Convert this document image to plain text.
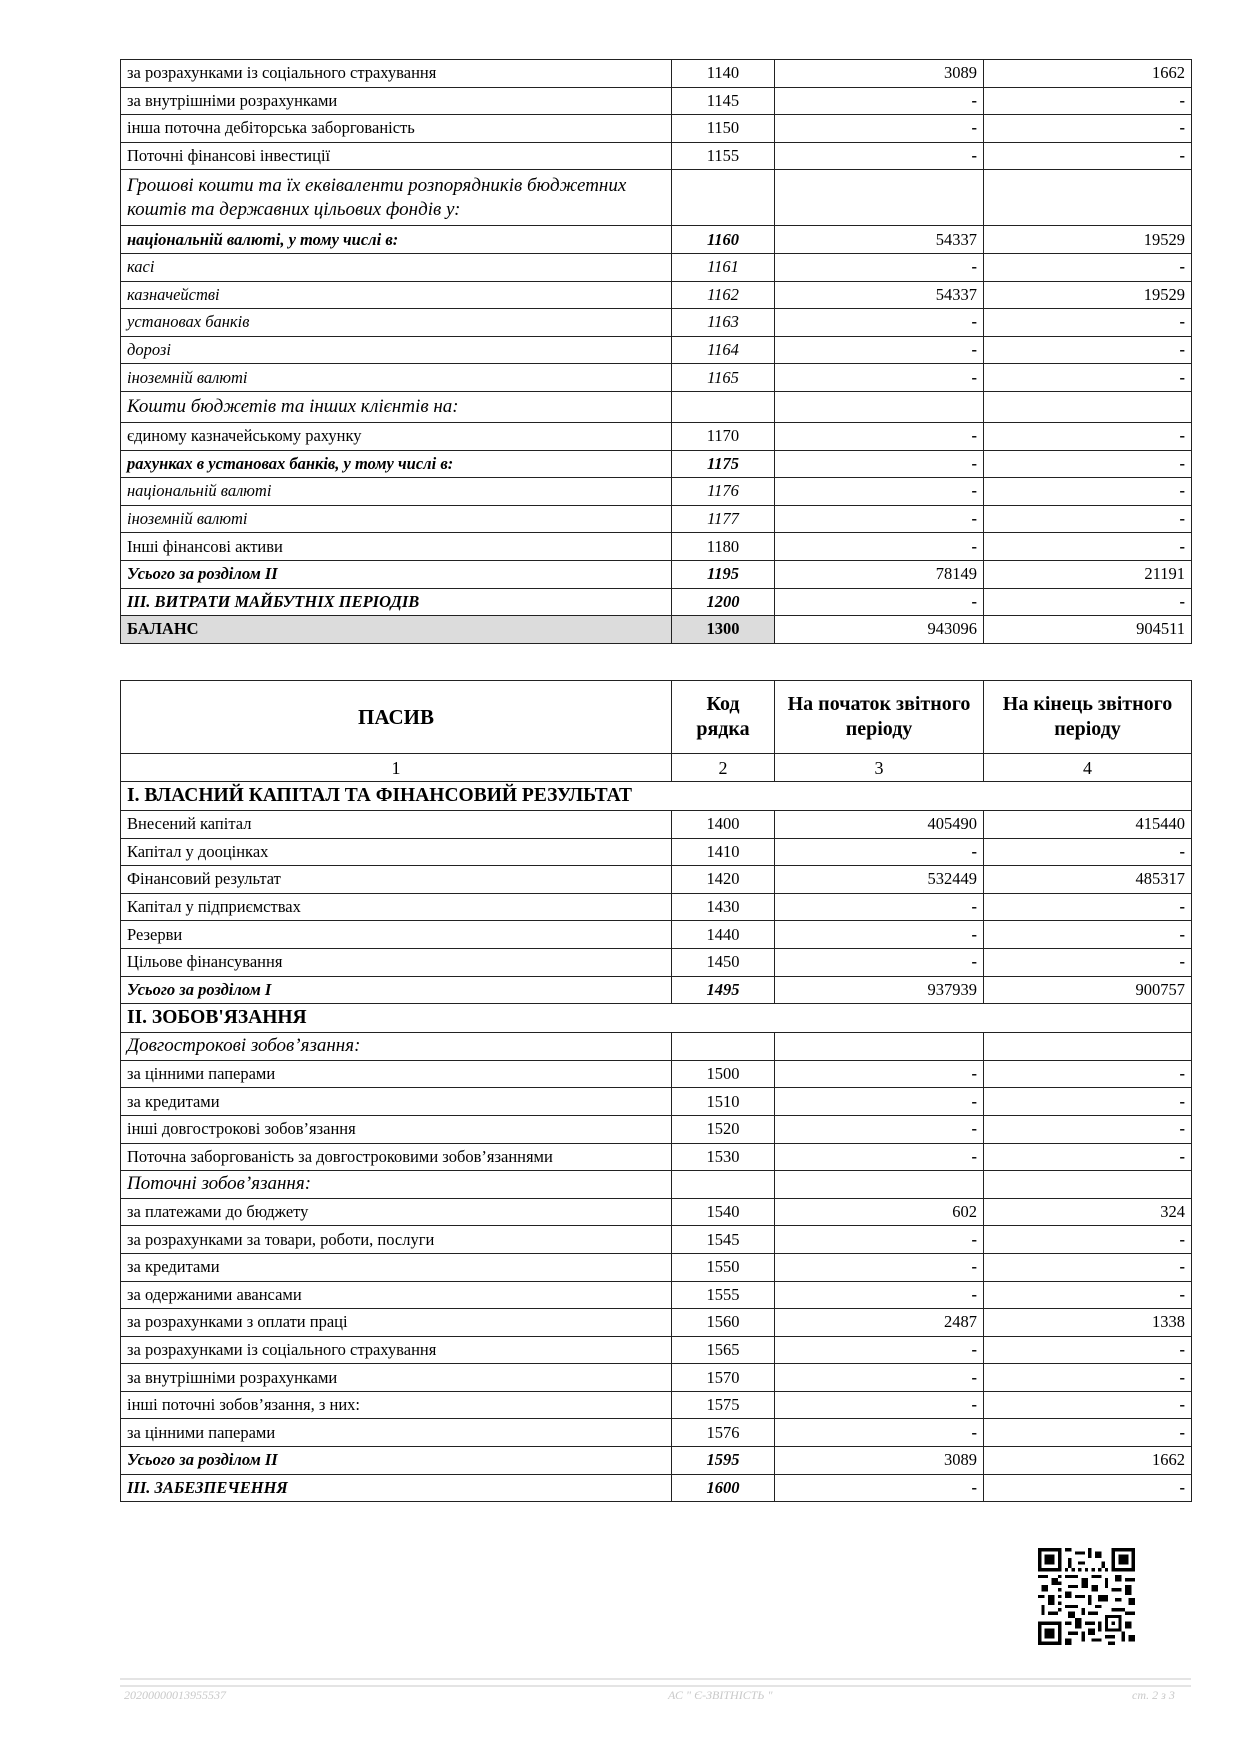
за розрахунками із соціального страхування	1140	3089	1662
за внутрішніми розрахунками	1145	-	-
інша поточна дебіторська заборгованість	1150	-	-
Поточні фінансові інвестиції	1155	-	-
Грошові кошти та їх еквіваленти розпорядників бюджетних коштів та державних цільових фондів у:			
національній валюті, у тому числі в:	1160	54337	19529
касі	1161	-	-
казначействі	1162	54337	19529
установах банків	1163	-	-
дорозі	1164	-	-
іноземній валюті	1165	-	-
Кошти бюджетів та інших клієнтів на:			
єдиному казначейському рахунку	1170	-	-
рахунках в установах банків, у тому числі в:	1175	-	-
національній валюті	1176	-	-
іноземній валюті	1177	-	-
Інші фінансові активи	1180	-	-
Усього за розділом II	1195	78149	21191
III. ВИТРАТИ МАЙБУТНІХ ПЕРІОДІВ	1200	-	-
БАЛАНС	1300	943096	904511
ПАСИВ	Код рядка	На початок звітного періоду	На кінець звітного періоду
1	2	3	4
I. ВЛАСНИЙ КАПІТАЛ ТА ФІНАНСОВИЙ РЕЗУЛЬТАТ			
Внесений капітал	1400	405490	415440
Капітал у дооцінках	1410	-	-
Фінансовий результат	1420	532449	485317
Капітал у підприємствах	1430	-	-
Резерви	1440	-	-
Цільове фінансування	1450	-	-
Усього за розділом I	1495	937939	900757
II. ЗОБОВ'ЯЗАННЯ			
Довгострокові зобов’язання:			
за цінними паперами	1500	-	-
за кредитами	1510	-	-
інші довгострокові зобов’язання	1520	-	-
Поточна заборгованість за довгостроковими зобов’язаннями	1530	-	-
Поточні зобов’язання:			
за платежами до бюджету	1540	602	324
за розрахунками за товари, роботи, послуги	1545	-	-
за кредитами	1550	-	-
за одержаними авансами	1555	-	-
за розрахунками з оплати праці	1560	2487	1338
за розрахунками із соціального страхування	1565	-	-
за внутрішніми розрахунками	1570	-	-
інші поточні зобов’язання, з них:	1575	-	-
за цінними паперами	1576	-	-
Усього за розділом II	1595	3089	1662
III. ЗАБЕЗПЕЧЕННЯ	1600	-	-
20200000013955537	АС " Є-ЗВІТНІСТЬ "	ст. 2 з 3
